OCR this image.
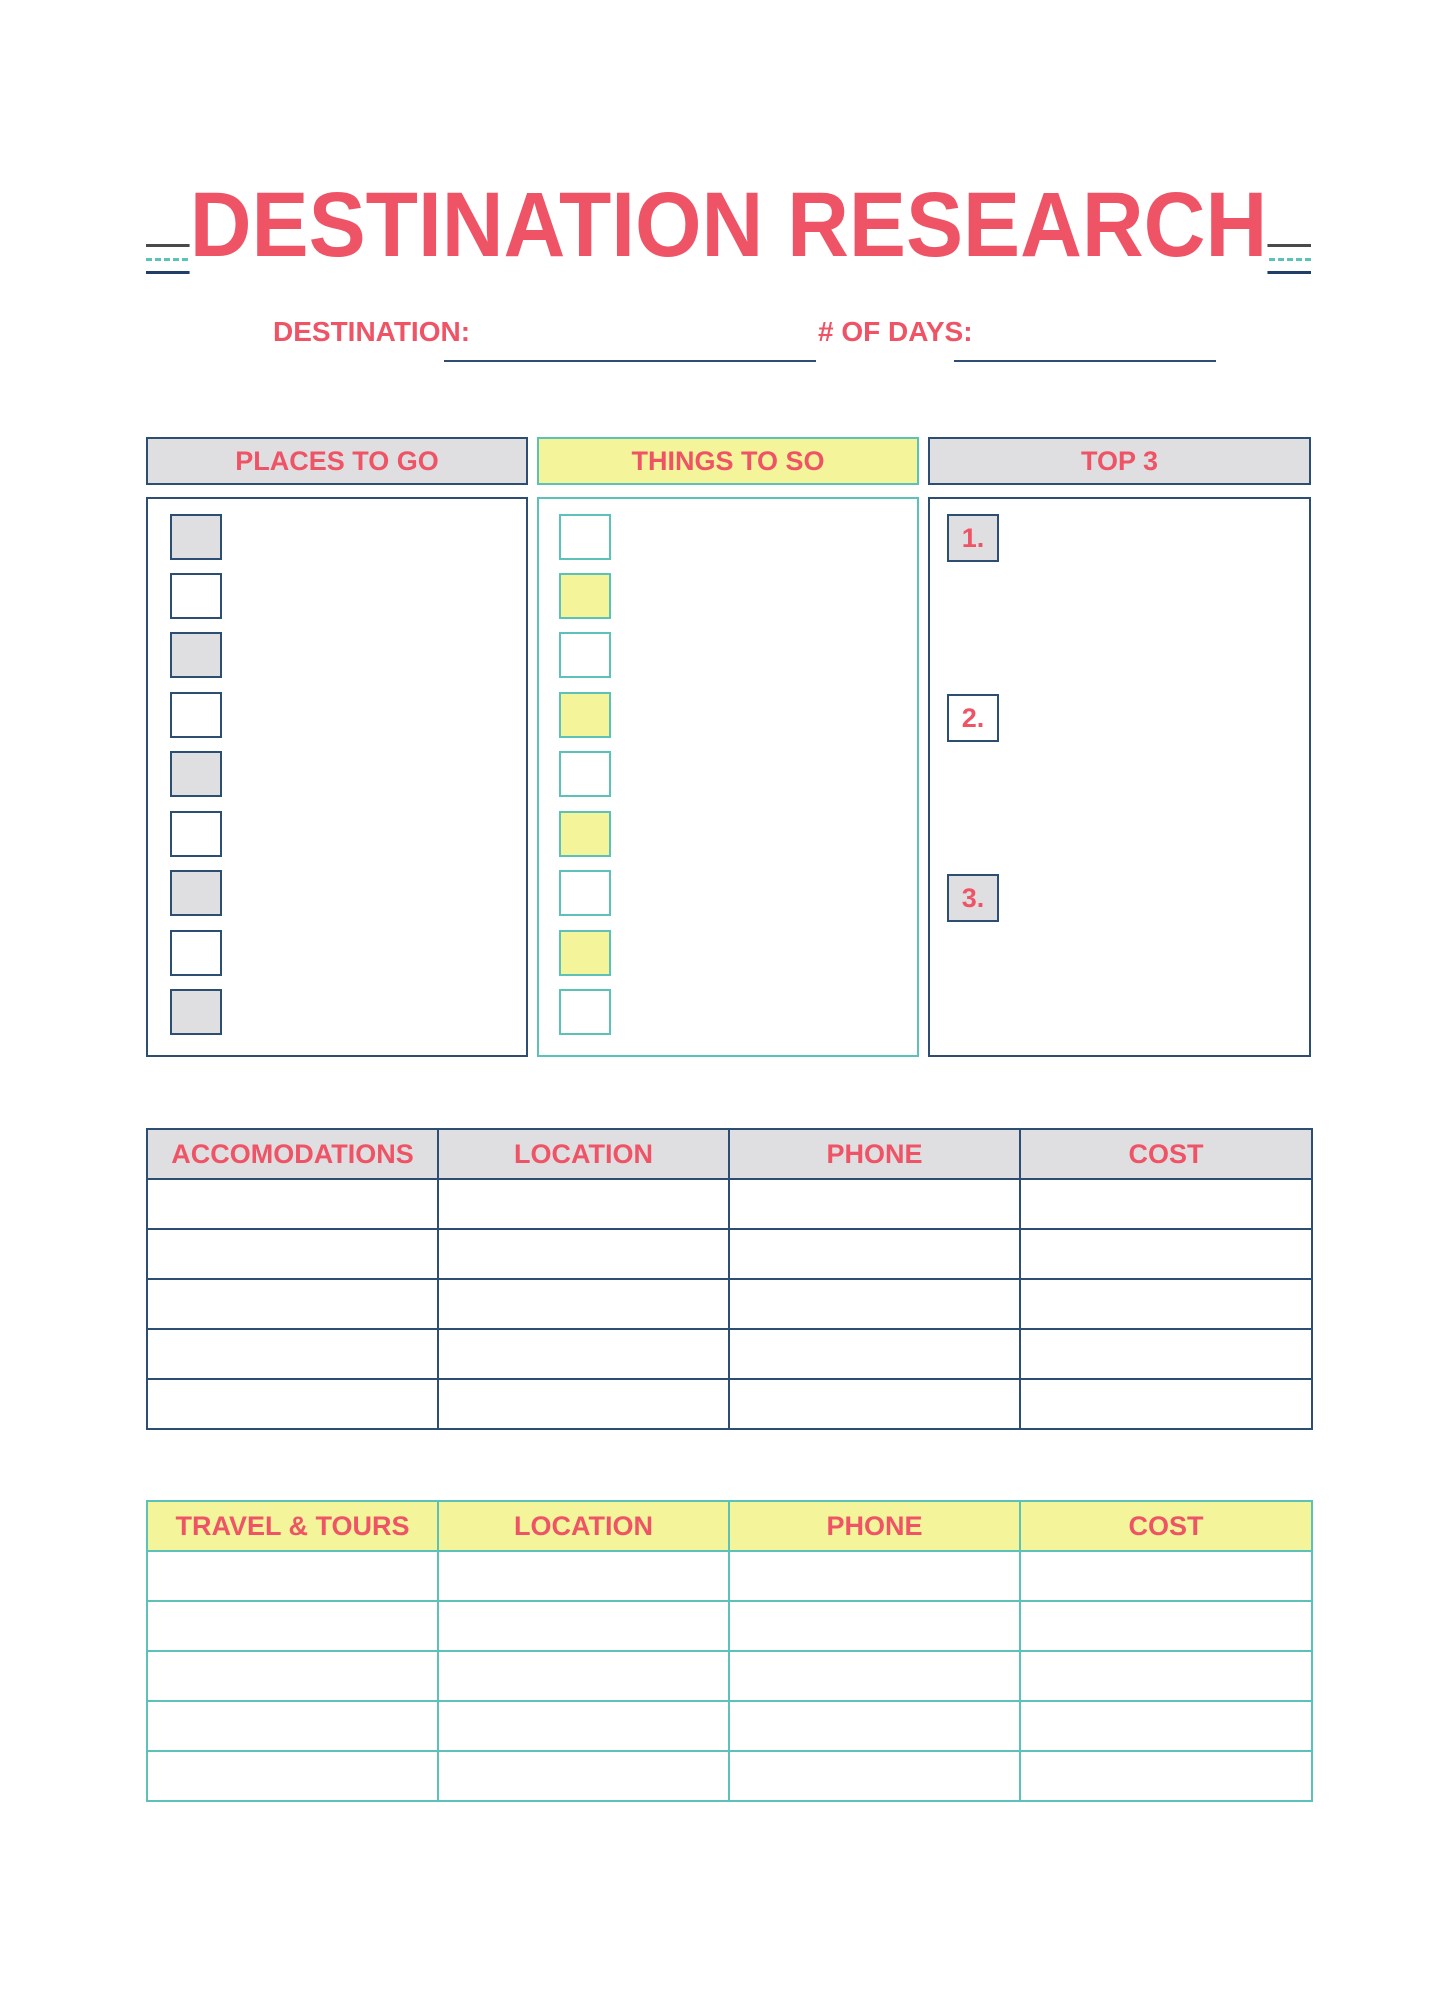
DESTINATION RESEARCH
DESTINATION:	# OF DAYS:
PLACES TO GO	THINGS TO SO	TOP 3
1.
2.
3.
ACCOMODATIONS	LOCATION	PHONE	COST

TRAVEL & TOURS	LOCATION	PHONE	COST
